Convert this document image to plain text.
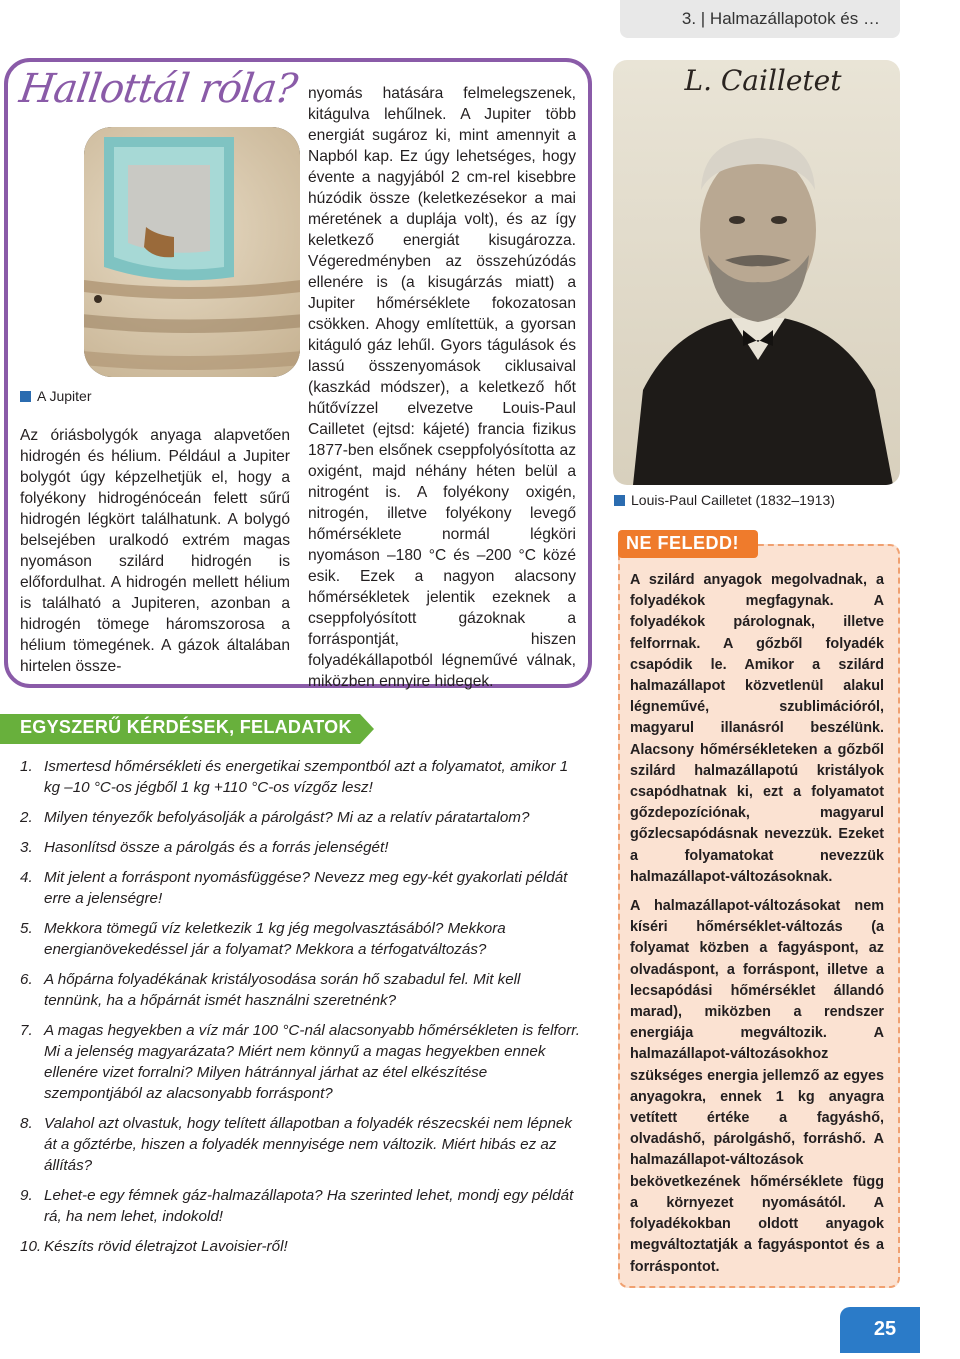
3. | Halmazállapotok és …
Hallottál róla?
A Jupiter

Az óriásbolygók anyaga alapvetően hidrogén és hélium. Például a Jupiter bolygót úgy képzelhetjük el, hogy a folyékony hidrogénóceán felett sűrű hidrogén légkört találhatunk. A bolygó belsejében uralkodó extrém magas nyomáson szilárd hidrogén is előfordulhat. A hidrogén mellett hélium is található a Jupiteren, azonban a hidrogén tömege háromszorosa a hélium tömegének. A gázok általában hirtelen össze-

nyomás hatására felmelegszenek, kitágulva lehűlnek. A Jupiter több energiát sugároz ki, mint amennyit a Napból kap. Ez úgy lehetséges, hogy évente a nagyjából 2 cm-rel kisebbre húzódik össze (keletkezésekor a mai méretének a duplája volt), és az így keletkező energiát kisugározza. Végeredményben az összehúzódás ellenére is (a kisugárzás miatt) a Jupiter hőmérséklete fokozatosan csökken. Ahogy említettük, a gyorsan kitáguló gáz lehűl. Gyors tágulások és lassú összenyomások ciklusaival (kaszkád módszer), a keletkező hőt hűtővízzel elvezetve Louis-Paul Cailletet (ejtsd: kájeté) francia fizikus 1877-ben elsőnek cseppfolyósította az oxigént, majd néhány héten belül a nitrogént is. A folyékony oxigén, nitrogén, illetve folyékony levegő hőmérséklete normál légköri nyomáson –180 °C és –200 °C közé esik. Ezek a nagyon alacsony hőmérsékletek jelentik ezeknek a cseppfolyósított gázoknak a forráspontját, hiszen folyadékállapotból légneművé válnak, miközben ennyire hidegek.

L. Cailletet
Louis-Paul Cailletet (1832–1913)
EGYSZERŰ KÉRDÉSEK, FELADATOK
1. Ismertesd hőmérsékleti és energetikai szempontból azt a folyamatot, amikor 1 kg –10 °C-os jégből 1 kg +110 °C-os vízgőz lesz!
2. Milyen tényezők befolyásolják a párolgást? Mi az a relatív páratartalom?
3. Hasonlítsd össze a párolgás és a forrás jelenségét!
4. Mit jelent a forráspont nyomásfüggése? Nevezz meg egy-két gyakorlati példát erre a jelenségre!
5. Mekkora tömegű víz keletkezik 1 kg jég megolvasztásából? Mekkora energianövekedéssel jár a folyamat? Mekkora a térfogatváltozás?
6. A hőpárna folyadékának kristályosodása során hő szabadul fel. Mit kell tennünk, ha a hőpárnát ismét használni szeretnénk?
7. A magas hegyekben a víz már 100 °C-nál alacsonyabb hőmérsékleten is felforr. Mi a jelenség magyarázata? Miért nem könnyű a magas hegyekben ennek ellenére vizet forralni? Milyen hátránnyal járhat az étel elkészítése szempontjából az alacsonyabb forráspont?
8. Valahol azt olvastuk, hogy telített állapotban a folyadék részecskéi nem lépnek át a gőztérbe, hiszen a folyadék mennyisége nem változik. Miért hibás ez az állítás?
9. Lehet-e egy fémnek gáz-halmazállapota? Ha szerinted lehet, mondj egy példát rá, ha nem lehet, indokold!
10. Készíts rövid életrajzot Lavoisier-ről!
NE FELEDD!

A szilárd anyagok megolvadnak, a folyadékok megfagynak. A folyadékok párolognak, illetve felforrnak. A gőzből folyadék csapódik le. Amikor a szilárd halmazállapot közvetlenül alakul légneművé, szublimációról, magyarul illanásról beszélünk. Alacsony hőmérsékleteken a gőzből szilárd halmazállapotú kristályok csapódhatnak ki, ezt a folyamatot gőzdepozíciónak, magyarul gőzlecsapódásnak nevezzük. Ezeket a folyamatokat nevezzük halmazállapot-változásoknak.

A halmazállapot-változásokat nem kíséri hőmérséklet-változás (a folyamat közben a fagyáspont, az olvadáspont, a forráspont, illetve a lecsapódási hőmérséklet állandó marad), miközben a rendszer energiája megváltozik. A halmazállapot-változásokhoz szükséges energia jellemző az egyes anyagokra, ennek 1 kg anyagra vetített értéke a fagyáshő, olvadáshő, párolgáshő, forráshő. A halmazállapot-változások bekövetkezének hőmérséklete függ a környezet nyomásától. A folyadékokban oldott anyagok megváltoztatják a fagyáspontot és a forráspontot.

25
